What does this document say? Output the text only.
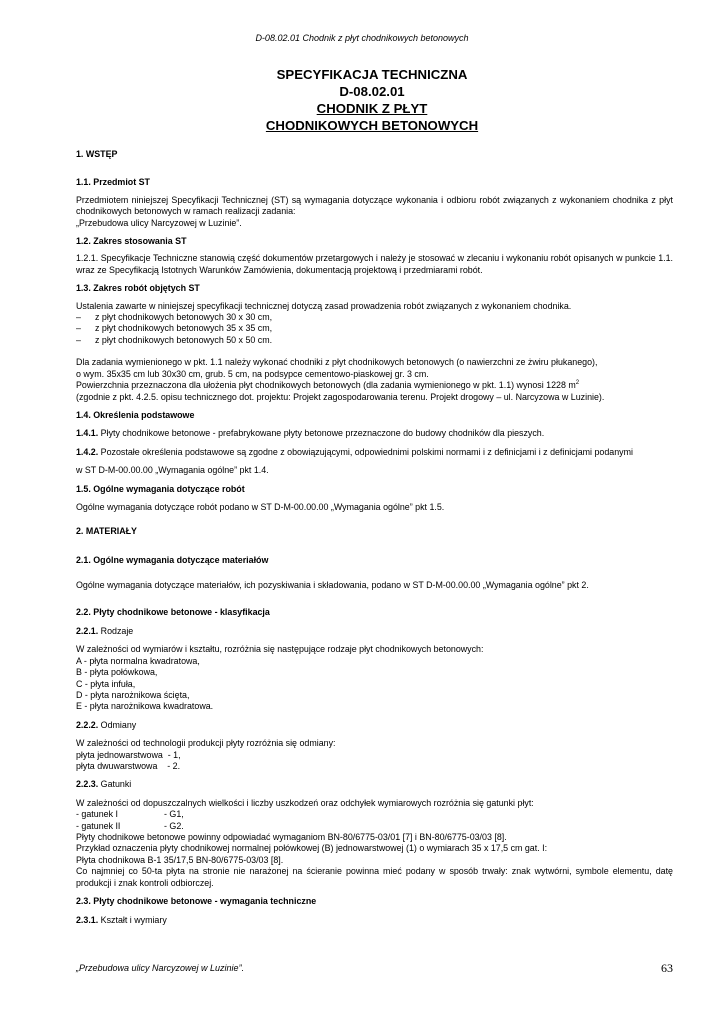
D-08.02.01 Chodnik z płyt chodnikowych betonowych
SPECYFIKACJA TECHNICZNA
D-08.02.01
CHODNIK Z PŁYT
CHODNIKOWYCH BETONOWYCH

1. WSTĘP

1.1. Przedmiot ST

Przedmiotem niniejszej Specyfikacji Technicznej (ST) są wymagania dotyczące wykonania i odbioru robót związanych z wykonaniem chodnika z płyt chodnikowych betonowych w ramach realizacji zadania:

„Przebudowa ulicy Narcyzowej w Luzinie”.

1.2. Zakres stosowania ST

1.2.1. Specyfikacje Techniczne stanowią część dokumentów przetargowych i należy je stosować w zlecaniu i wykonaniu robót opisanych w punkcie 1.1. wraz ze Specyfikacją Istotnych Warunków Zamówienia, dokumentacją projektową i przedmiarami robót.

1.3. Zakres robót objętych ST

Ustalenia zawarte w niniejszej specyfikacji technicznej dotyczą zasad prowadzenia robót związanych z wykonaniem chodnika.

– z płyt chodnikowych betonowych 30 x 30 cm,

– z płyt chodnikowych betonowych 35 x 35 cm,

– z płyt chodnikowych betonowych 50 x 50 cm.

Dla zadania wymienionego w pkt. 1.1 należy wykonać chodniki z płyt chodnikowych betonowych (o nawierzchni ze żwiru płukanego),

o wym. 35x35 cm lub 30x30 cm, grub. 5 cm, na podsypce cementowo-piaskowej gr. 3 cm.

Powierzchnia przeznaczona dla ułożenia płyt chodnikowych betonowych (dla zadania wymienionego w pkt. 1.1) wynosi 1228 $m^2$

(zgodnie z pkt. 4.2.5. opisu technicznego dot. projektu: Projekt zagospodarowania terenu. Projekt drogowy – ul. Narcyzowa w Luzinie).

1.4. Określenia podstawowe

1.4.1. Płyty chodnikowe betonowe - prefabrykowane płyty betonowe przeznaczone do budowy chodników dla pieszych.

1.4.2. Pozostałe określenia podstawowe są zgodne z obowiązującymi, odpowiednimi polskimi normami i z definicjami i z definicjami podanymi

w ST D-M-00.00.00 „Wymagania ogólne” pkt 1.4.

1.5. Ogólne wymagania dotyczące robót

Ogólne wymagania dotyczące robót podano w ST D-M-00.00.00 „Wymagania ogólne” pkt 1.5.

2. MATERIAŁY

2.1. Ogólne wymagania dotyczące materiałów

Ogólne wymagania dotyczące materiałów, ich pozyskiwania i składowania, podano w ST D-M-00.00.00 „Wymagania ogólne” pkt 2.

2.2. Płyty chodnikowe betonowe - klasyfikacja

2.2.1. Rodzaje

W zależności od wymiarów i kształtu, rozróżnia się następujące rodzaje płyt chodnikowych betonowych:

A - płyta normalna kwadratowa,

B - płyta połówkowa,

C - płyta infuła,

D - płyta narożnikowa ścięta,

E - płyta narożnikowa kwadratowa.

2.2.2. Odmiany

W zależności od technologii produkcji płyty rozróżnia się odmiany:

płyta jednowarstwowa  - 1,

płyta dwuwarstwowa    - 2.

2.2.3. Gatunki

W zależności od dopuszczalnych wielkości i liczby uszkodzeń oraz odchyłek wymiarowych rozróżnia się gatunki płyt:

- gatunek I	- G1,

- gatunek II	- G2.

Płyty chodnikowe betonowe powinny odpowiadać wymaganiom BN-80/6775-03/01 [7] i BN-80/6775-03/03 [8].

Przykład oznaczenia płyty chodnikowej normalnej połówkowej (B) jednowarstwowej (1) o wymiarach 35 x 17,5 cm gat. I:

Płyta chodnikowa B-1 35/17,5 BN-80/6775-03/03 [8].

Co najmniej co 50-ta płyta na stronie nie narażonej na ścieranie powinna mieć podany w sposób trwały: znak wytwórni, symbole elementu, datę produkcji i znak kontroli odbiorczej.

2.3. Płyty chodnikowe betonowe - wymagania techniczne

2.3.1. Kształt i wymiary

„Przebudowa ulicy Narcyzowej w Luzinie”.	63
